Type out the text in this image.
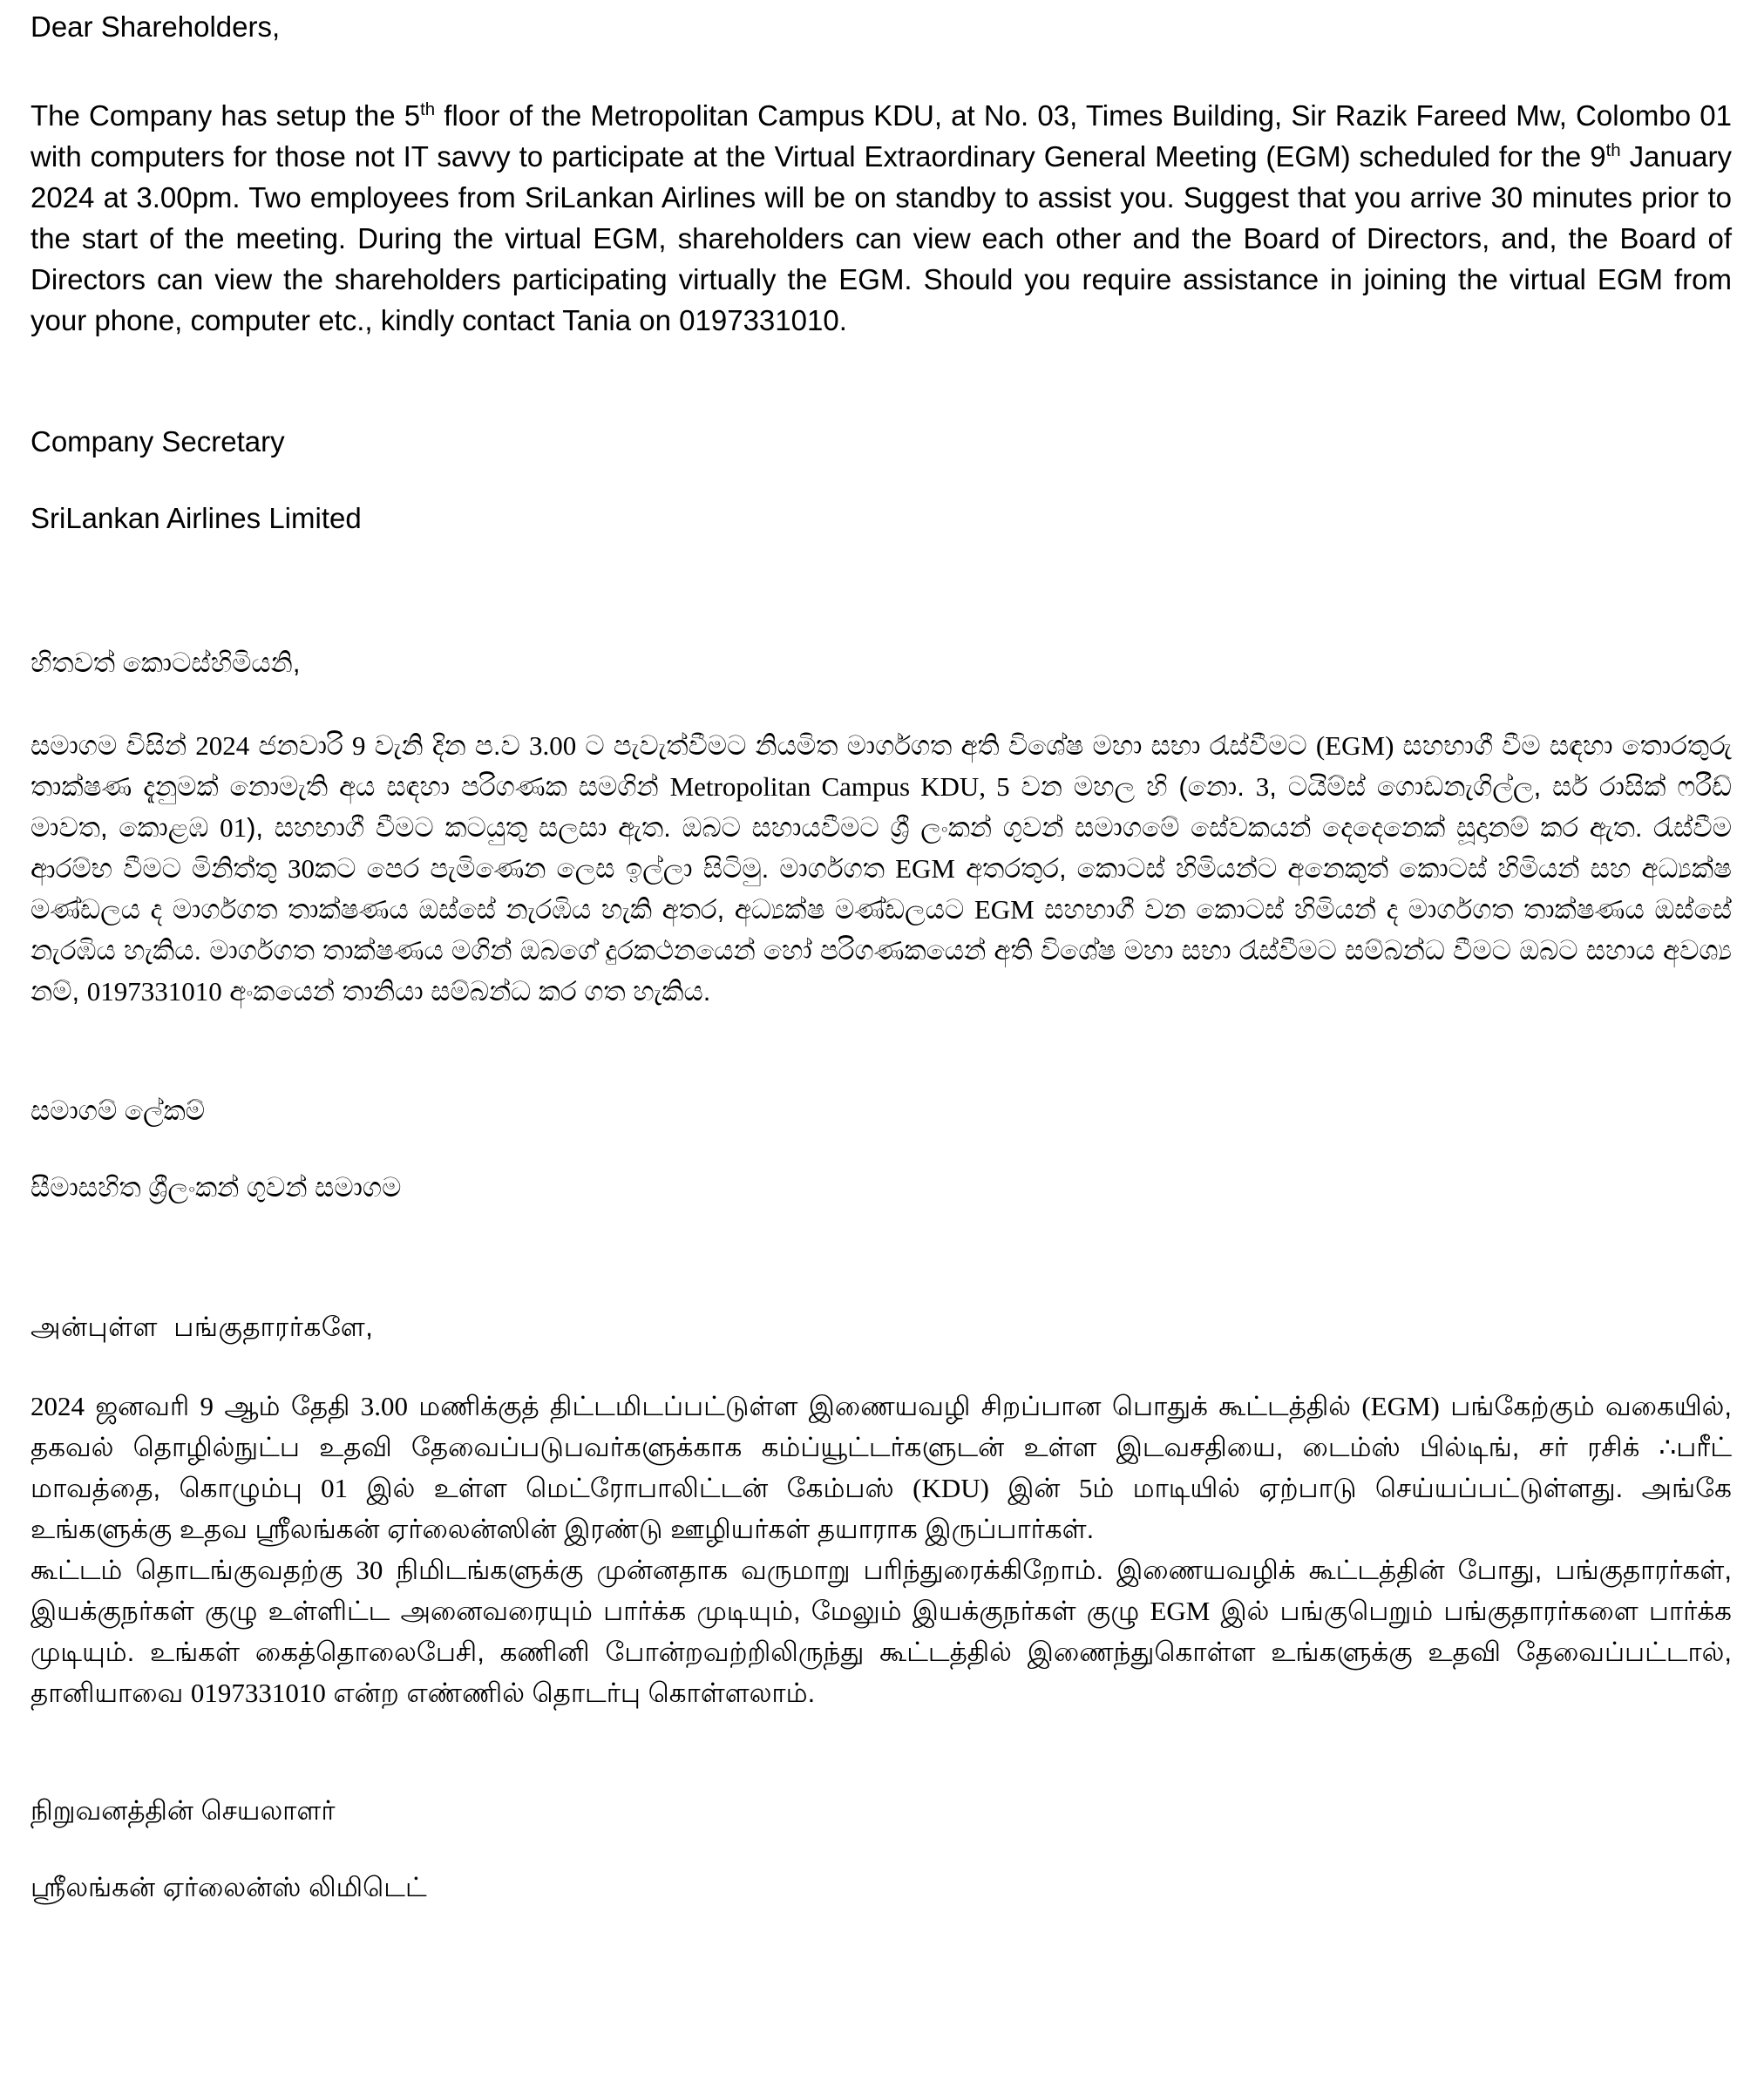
Dear Shareholders,

The Company has setup the 5th floor of the Metropolitan Campus KDU, at No. 03, Times Building, Sir Razik Fareed Mw, Colombo 01 with computers for those not IT savvy to participate at the Virtual Extraordinary General Meeting (EGM) scheduled for the 9th January 2024 at 3.00pm. Two employees from SriLankan Airlines will be on standby to assist you. Suggest that you arrive 30 minutes prior to the start of the meeting. During the virtual EGM, shareholders can view each other and the Board of Directors, and, the Board of Directors can view the shareholders participating virtually the EGM. Should you require assistance in joining the virtual EGM from your phone, computer etc., kindly contact Tania on 0197331010.

Company Secretary

SriLankan Airlines Limited

හිතවත් කොටස්හිමියනි,

සමාගම විසින් 2024 ජනවාරි 9 වැනි දින ප.ව 3.00 ට පැවැත්වීමට නියමිත මාර්ගගත අති විශේෂ මහා සභා රැස්වීමට (EGM) සහභාගී වීම සඳහා තොරතුරු තාක්ෂණ දැනුමක් නොමැති අය සඳහා පරිගණක සමගින් Metropolitan Campus KDU, 5 වන මහල හි (නො. 3, ටයිම්ස් ගොඩනැගිල්ල, සර් රාසික් ෆරීඩ් මාවත, කොළඹ 01), සහභාගී වීමට කටයුතු සලසා ඇත. ඔබට සහායවීමට ශ්‍රී ලංකන් ගුවන් සමාගමේ සේවකයන් දෙදෙනෙක් සූදානම් කර ඇත. රැස්වීම ආරම්භ වීමට මිනිත්තු 30කට පෙර පැමිණෙන ලෙස ඉල්ලා සිටිමු. මාර්ගගත EGM අතරතුර, කොටස් හිමියන්ට අනෙකුත් කොටස් හිමියන් සහ අධ්‍යක්ෂ මණ්ඩලය ද මාර්ගගත තාක්ෂණය ඔස්සේ නැරඹිය හැකි අතර, අධ්‍යක්ෂ මණ්ඩලයට EGM සහභාගී වන කොටස් හිමියන් ද මාර්ගගත තාක්ෂණය ඔස්සේ නැරඹිය හැකිය. මාර්ගගත තාක්ෂණය මගින් ඔබගේ දුරකථනයෙන් හෝ පරිගණකයෙන් අති විශේෂ මහා සභා රැස්වීමට සම්බන්ධ වීමට ඔබට සහාය අවශ්‍ය නම්, 0197331010 අංකයෙන් තානියා සම්බන්ධ කර ගත හැකිය.

සමාගම් ලේකම්

සීමාසහිත ශ්‍රීලංකන් ගුවන් සමාගම

அன்புள்ள  பங்குதாரர்களே,

2024 ஜனவரி 9 ஆம் தேதி 3.00 மணிக்குத் திட்டமிடப்பட்டுள்ள இணையவழி சிறப்பான பொதுக் கூட்டத்தில் (EGM) பங்கேற்கும் வகையில், தகவல் தொழில்நுட்ப உதவி தேவைப்படுபவர்களுக்காக கம்ப்யூட்டர்களுடன் உள்ள இடவசதியை, டைம்ஸ் பில்டிங், சர் ரசிக் ∴பரீட் மாவத்தை, கொழும்பு 01 இல் உள்ள மெட்ரோபாலிட்டன் கேம்பஸ் (KDU) இன் 5ம் மாடியில் ஏற்பாடு செய்யப்பட்டுள்ளது. அங்கே உங்களுக்கு உதவ ஸ்ரீலங்கன் ஏர்லைன்ஸின் இரண்டு ஊழியர்கள் தயாராக இருப்பார்கள்.

கூட்டம் தொடங்குவதற்கு 30 நிமிடங்களுக்கு முன்னதாக வருமாறு பரிந்துரைக்கிறோம். இணையவழிக் கூட்டத்தின் போது, பங்குதாரர்கள், இயக்குநர்கள் குழு உள்ளிட்ட அனைவரையும் பார்க்க முடியும், மேலும் இயக்குநர்கள் குழு EGM இல் பங்குபெறும் பங்குதாரர்களை பார்க்க முடியும். உங்கள் கைத்தொலைபேசி, கணினி போன்றவற்றிலிருந்து கூட்டத்தில் இணைந்துகொள்ள உங்களுக்கு உதவி தேவைப்பட்டால், தானியாவை 0197331010 என்ற எண்ணில் தொடர்பு கொள்ளலாம்.

நிறுவனத்தின் செயலாளர்

ஸ்ரீலங்கன் ஏர்லைன்ஸ் லிமிடெட்
